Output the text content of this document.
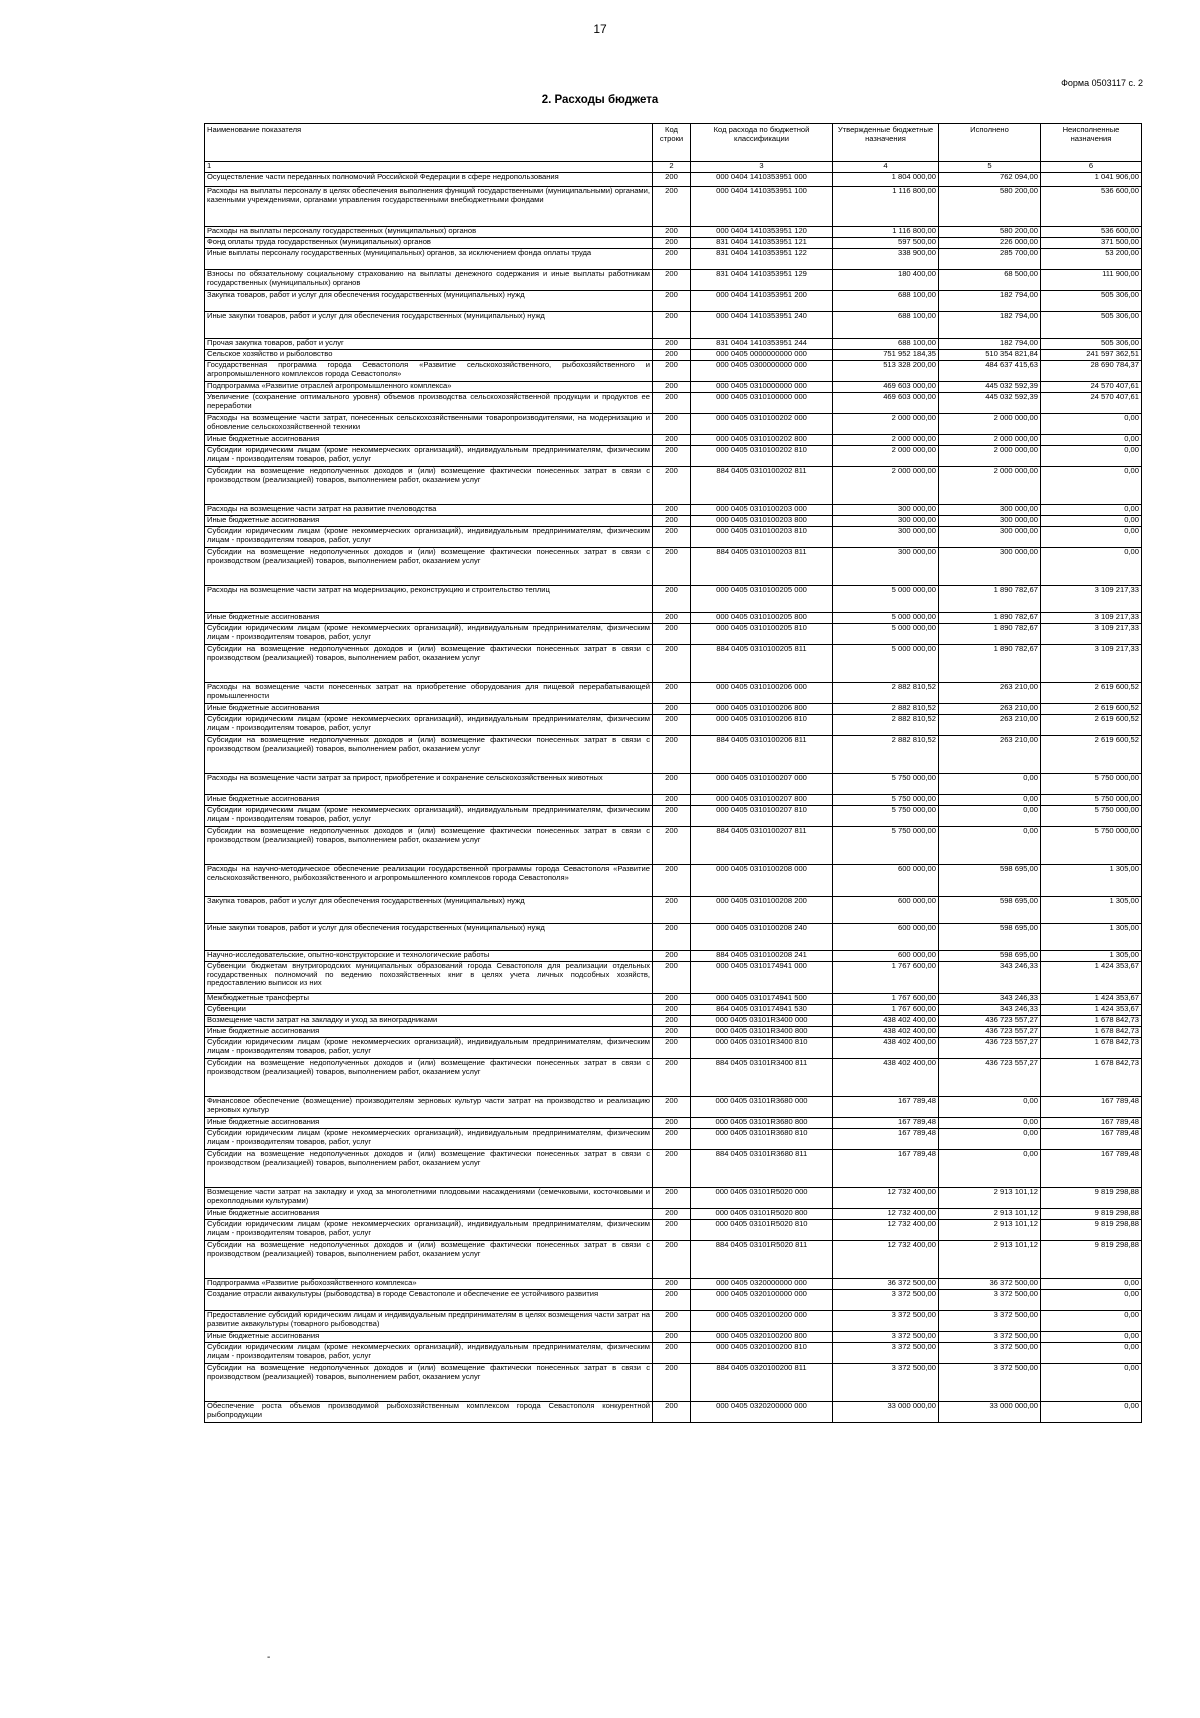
17
Форма 0503117 с. 2
2. Расходы бюджета
Наименование показателя	Код строки	Код расхода по бюджетной классификации	Утвержденные бюджетные назначения	Исполнено	Неисполненные назначения
1	2	3	4	5	6
Осуществление части переданных полномочий Российской Федерации в сфере недропользования	200	000 0404 1410353951 000	1 804 000,00	762 094,00	1 041 906,00
Расходы на выплаты персоналу в целях обеспечения выполнения функций государственными (муниципальными) органами, казенными учреждениями, органами управления государственными внебюджетными фондами	200	000 0404 1410353951 100	1 116 800,00	580 200,00	536 600,00
Расходы на выплаты персоналу государственных (муниципальных) органов	200	000 0404 1410353951 120	1 116 800,00	580 200,00	536 600,00
Фонд оплаты труда государственных (муниципальных) органов	200	831 0404 1410353951 121	597 500,00	226 000,00	371 500,00
Иные выплаты персоналу государственных (муниципальных) органов, за исключением фонда оплаты труда	200	831 0404 1410353951 122	338 900,00	285 700,00	53 200,00
Взносы по обязательному социальному страхованию на выплаты денежного содержания и иные выплаты работникам государственных (муниципальных) органов	200	831 0404 1410353951 129	180 400,00	68 500,00	111 900,00
Закупка товаров, работ и услуг для обеспечения государственных (муниципальных) нужд	200	000 0404 1410353951 200	688 100,00	182 794,00	505 306,00
Иные закупки товаров, работ и услуг для обеспечения государственных (муниципальных) нужд	200	000 0404 1410353951 240	688 100,00	182 794,00	505 306,00
Прочая закупка товаров, работ и услуг	200	831 0404 1410353951 244	688 100,00	182 794,00	505 306,00
Сельское хозяйство и рыболовство	200	000 0405 0000000000 000	751 952 184,35	510 354 821,84	241 597 362,51
Государственная программа города Севастополя «Развитие сельскохозяйственного, рыбохозяйственного и агропромышленного комплексов города Севастополя»	200	000 0405 0300000000 000	513 328 200,00	484 637 415,63	28 690 784,37
Подпрограмма «Развитие отраслей агропромышленного комплекса»	200	000 0405 0310000000 000	469 603 000,00	445 032 592,39	24 570 407,61
Увеличение (сохранение оптимального уровня) объемов производства сельскохозяйственной продукции и продуктов ее переработки	200	000 0405 0310100000 000	469 603 000,00	445 032 592,39	24 570 407,61
Расходы на возмещение части затрат, понесенных сельскохозяйственными товаропроизводителями, на модернизацию и обновление сельскохозяйственной техники	200	000 0405 0310100202 000	2 000 000,00	2 000 000,00	0,00
Иные бюджетные ассигнования	200	000 0405 0310100202 800	2 000 000,00	2 000 000,00	0,00
Субсидии юридическим лицам (кроме некоммерческих организаций), индивидуальным предпринимателям, физическим лицам - производителям товаров, работ, услуг	200	000 0405 0310100202 810	2 000 000,00	2 000 000,00	0,00
Субсидии на возмещение недополученных доходов и (или) возмещение фактически понесенных затрат в связи с производством (реализацией) товаров, выполнением работ, оказанием услуг	200	884 0405 0310100202 811	2 000 000,00	2 000 000,00	0,00
Расходы на возмещение части затрат на развитие пчеловодства	200	000 0405 0310100203 000	300 000,00	300 000,00	0,00
Иные бюджетные ассигнования	200	000 0405 0310100203 800	300 000,00	300 000,00	0,00
Субсидии юридическим лицам (кроме некоммерческих организаций), индивидуальным предпринимателям, физическим лицам - производителям товаров, работ, услуг	200	000 0405 0310100203 810	300 000,00	300 000,00	0,00
Субсидии на возмещение недополученных доходов и (или) возмещение фактически понесенных затрат в связи с производством (реализацией) товаров, выполнением работ, оказанием услуг	200	884 0405 0310100203 811	300 000,00	300 000,00	0,00
Расходы на возмещение части затрат на модернизацию, реконструкцию и строительство теплиц	200	000 0405 0310100205 000	5 000 000,00	1 890 782,67	3 109 217,33
Иные бюджетные ассигнования	200	000 0405 0310100205 800	5 000 000,00	1 890 782,67	3 109 217,33
Субсидии юридическим лицам (кроме некоммерческих организаций), индивидуальным предпринимателям, физическим лицам - производителям товаров, работ, услуг	200	000 0405 0310100205 810	5 000 000,00	1 890 782,67	3 109 217,33
Субсидии на возмещение недополученных доходов и (или) возмещение фактически понесенных затрат в связи с производством (реализацией) товаров, выполнением работ, оказанием услуг	200	884 0405 0310100205 811	5 000 000,00	1 890 782,67	3 109 217,33
Расходы на возмещение части понесенных затрат на приобретение оборудования для пищевой перерабатывающей промышленности	200	000 0405 0310100206 000	2 882 810,52	263 210,00	2 619 600,52
Иные бюджетные ассигнования	200	000 0405 0310100206 800	2 882 810,52	263 210,00	2 619 600,52
Субсидии юридическим лицам (кроме некоммерческих организаций), индивидуальным предпринимателям, физическим лицам - производителям товаров, работ, услуг	200	000 0405 0310100206 810	2 882 810,52	263 210,00	2 619 600,52
Субсидии на возмещение недополученных доходов и (или) возмещение фактически понесенных затрат в связи с производством (реализацией) товаров, выполнением работ, оказанием услуг	200	884 0405 0310100206 811	2 882 810,52	263 210,00	2 619 600,52
Расходы на возмещение части затрат за прирост, приобретение и сохранение сельскохозяйственных животных	200	000 0405 0310100207 000	5 750 000,00	0,00	5 750 000,00
Иные бюджетные ассигнования	200	000 0405 0310100207 800	5 750 000,00	0,00	5 750 000,00
Субсидии юридическим лицам (кроме некоммерческих организаций), индивидуальным предпринимателям, физическим лицам - производителям товаров, работ, услуг	200	000 0405 0310100207 810	5 750 000,00	0,00	5 750 000,00
Субсидии на возмещение недополученных доходов и (или) возмещение фактически понесенных затрат в связи с производством (реализацией) товаров, выполнением работ, оказанием услуг	200	884 0405 0310100207 811	5 750 000,00	0,00	5 750 000,00
Расходы на научно-методическое обеспечение реализации государственной программы города Севастополя «Развитие сельскохозяйственного, рыбохозяйственного и агропромышленного комплексов города Севастополя»	200	000 0405 0310100208 000	600 000,00	598 695,00	1 305,00
Закупка товаров, работ и услуг для обеспечения государственных (муниципальных) нужд	200	000 0405 0310100208 200	600 000,00	598 695,00	1 305,00
Иные закупки товаров, работ и услуг для обеспечения государственных (муниципальных) нужд	200	000 0405 0310100208 240	600 000,00	598 695,00	1 305,00
Научно-исследовательские, опытно-конструкторские и технологические работы	200	884 0405 0310100208 241	600 000,00	598 695,00	1 305,00
Субвенции бюджетам внутригородских муниципальных образований города Севастополя для реализации отдельных государственных полномочий по ведению похозяйственных книг в целях учета личных подсобных хозяйств, предоставлению выписок из них	200	000 0405 0310174941 000	1 767 600,00	343 246,33	1 424 353,67
Межбюджетные трансферты	200	000 0405 0310174941 500	1 767 600,00	343 246,33	1 424 353,67
Субвенции	200	864 0405 0310174941 530	1 767 600,00	343 246,33	1 424 353,67
Возмещение части затрат на закладку и уход за виноградниками	200	000 0405 03101R3400 000	438 402 400,00	436 723 557,27	1 678 842,73
Иные бюджетные ассигнования	200	000 0405 03101R3400 800	438 402 400,00	436 723 557,27	1 678 842,73
Субсидии юридическим лицам (кроме некоммерческих организаций), индивидуальным предпринимателям, физическим лицам - производителям товаров, работ, услуг	200	000 0405 03101R3400 810	438 402 400,00	436 723 557,27	1 678 842,73
Субсидии на возмещение недополученных доходов и (или) возмещение фактически понесенных затрат в связи с производством (реализацией) товаров, выполнением работ, оказанием услуг	200	884 0405 03101R3400 811	438 402 400,00	436 723 557,27	1 678 842,73
Финансовое обеспечение (возмещение) производителям зерновых культур части затрат на производство и реализацию зерновых культур	200	000 0405 03101R3680 000	167 789,48	0,00	167 789,48
Иные бюджетные ассигнования	200	000 0405 03101R3680 800	167 789,48	0,00	167 789,48
Субсидии юридическим лицам (кроме некоммерческих организаций), индивидуальным предпринимателям, физическим лицам - производителям товаров, работ, услуг	200	000 0405 03101R3680 810	167 789,48	0,00	167 789,48
Субсидии на возмещение недополученных доходов и (или) возмещение фактически понесенных затрат в связи с производством (реализацией) товаров, выполнением работ, оказанием услуг	200	884 0405 03101R3680 811	167 789,48	0,00	167 789,48
Возмещение части затрат на закладку и уход за многолетними плодовыми насаждениями (семечковыми, косточковыми и орехоплодными культурами)	200	000 0405 03101R5020 000	12 732 400,00	2 913 101,12	9 819 298,88
Иные бюджетные ассигнования	200	000 0405 03101R5020 800	12 732 400,00	2 913 101,12	9 819 298,88
Субсидии юридическим лицам (кроме некоммерческих организаций), индивидуальным предпринимателям, физическим лицам - производителям товаров, работ, услуг	200	000 0405 03101R5020 810	12 732 400,00	2 913 101,12	9 819 298,88
Субсидии на возмещение недополученных доходов и (или) возмещение фактически понесенных затрат в связи с производством (реализацией) товаров, выполнением работ, оказанием услуг	200	884 0405 03101R5020 811	12 732 400,00	2 913 101,12	9 819 298,88
Подпрограмма «Развитие рыбохозяйственного комплекса»	200	000 0405 0320000000 000	36 372 500,00	36 372 500,00	0,00
Создание отрасли аквакультуры (рыбоводства) в городе Севастополе и обеспечение ее устойчивого развития	200	000 0405 0320100000 000	3 372 500,00	3 372 500,00	0,00
Предоставление субсидий юридическим лицам и индивидуальным предпринимателям в целях возмещения части затрат на развитие аквакультуры (товарного рыбоводства)	200	000 0405 0320100200 000	3 372 500,00	3 372 500,00	0,00
Иные бюджетные ассигнования	200	000 0405 0320100200 800	3 372 500,00	3 372 500,00	0,00
Субсидии юридическим лицам (кроме некоммерческих организаций), индивидуальным предпринимателям, физическим лицам - производителям товаров, работ, услуг	200	000 0405 0320100200 810	3 372 500,00	3 372 500,00	0,00
Субсидии на возмещение недополученных доходов и (или) возмещение фактически понесенных затрат в связи с производством (реализацией) товаров, выполнением работ, оказанием услуг	200	884 0405 0320100200 811	3 372 500,00	3 372 500,00	0,00
Обеспечение роста объемов производимой рыбохозяйственным комплексом города Севастополя конкурентной рыбопродукции	200	000 0405 0320200000 000	33 000 000,00	33 000 000,00	0,00
-
